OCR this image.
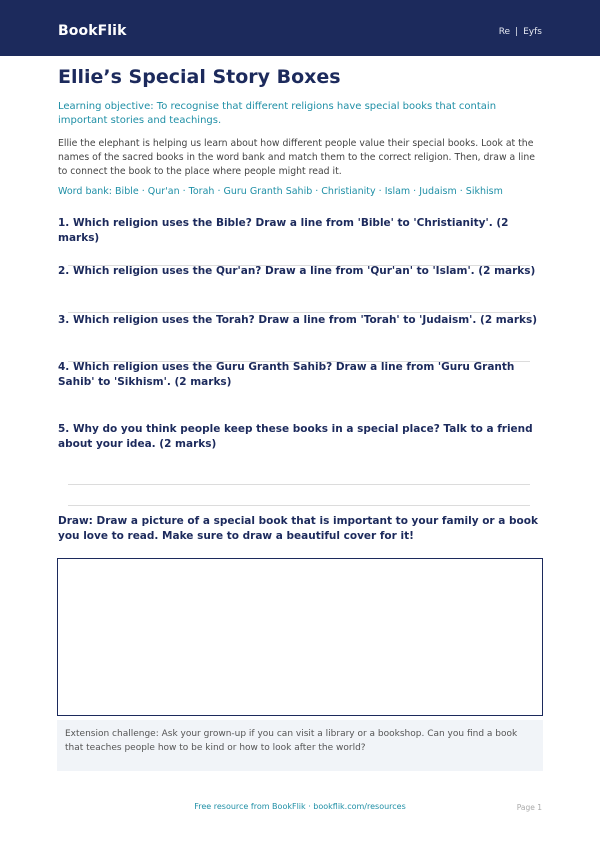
BookFlik	Re | Eyfs
Ellie’s Special Story Boxes
Learning objective: To recognise that different religions have special books that contain important stories and teachings.
Ellie the elephant is helping us learn about how different people value their special books. Look at the names of the sacred books in the word bank and match them to the correct religion. Then, draw a line to connect the book to the place where people might read it.
Word bank: Bible · Qur'an · Torah · Guru Granth Sahib · Christianity · Islam · Judaism · Sikhism
1. Which religion uses the Bible? Draw a line from 'Bible' to 'Christianity'. (2 marks)
2. Which religion uses the Qur'an? Draw a line from 'Qur'an' to 'Islam'. (2 marks)
3. Which religion uses the Torah? Draw a line from 'Torah' to 'Judaism'. (2 marks)
4. Which religion uses the Guru Granth Sahib? Draw a line from 'Guru Granth Sahib' to 'Sikhism'. (2 marks)
5. Why do you think people keep these books in a special place? Talk to a friend about your idea. (2 marks)
Draw: Draw a picture of a special book that is important to your family or a book you love to read. Make sure to draw a beautiful cover for it!
Extension challenge: Ask your grown-up if you can visit a library or a bookshop. Can you find a book that teaches people how to be kind or how to look after the world?
Free resource from BookFlik · bookflik.com/resources	Page 1
